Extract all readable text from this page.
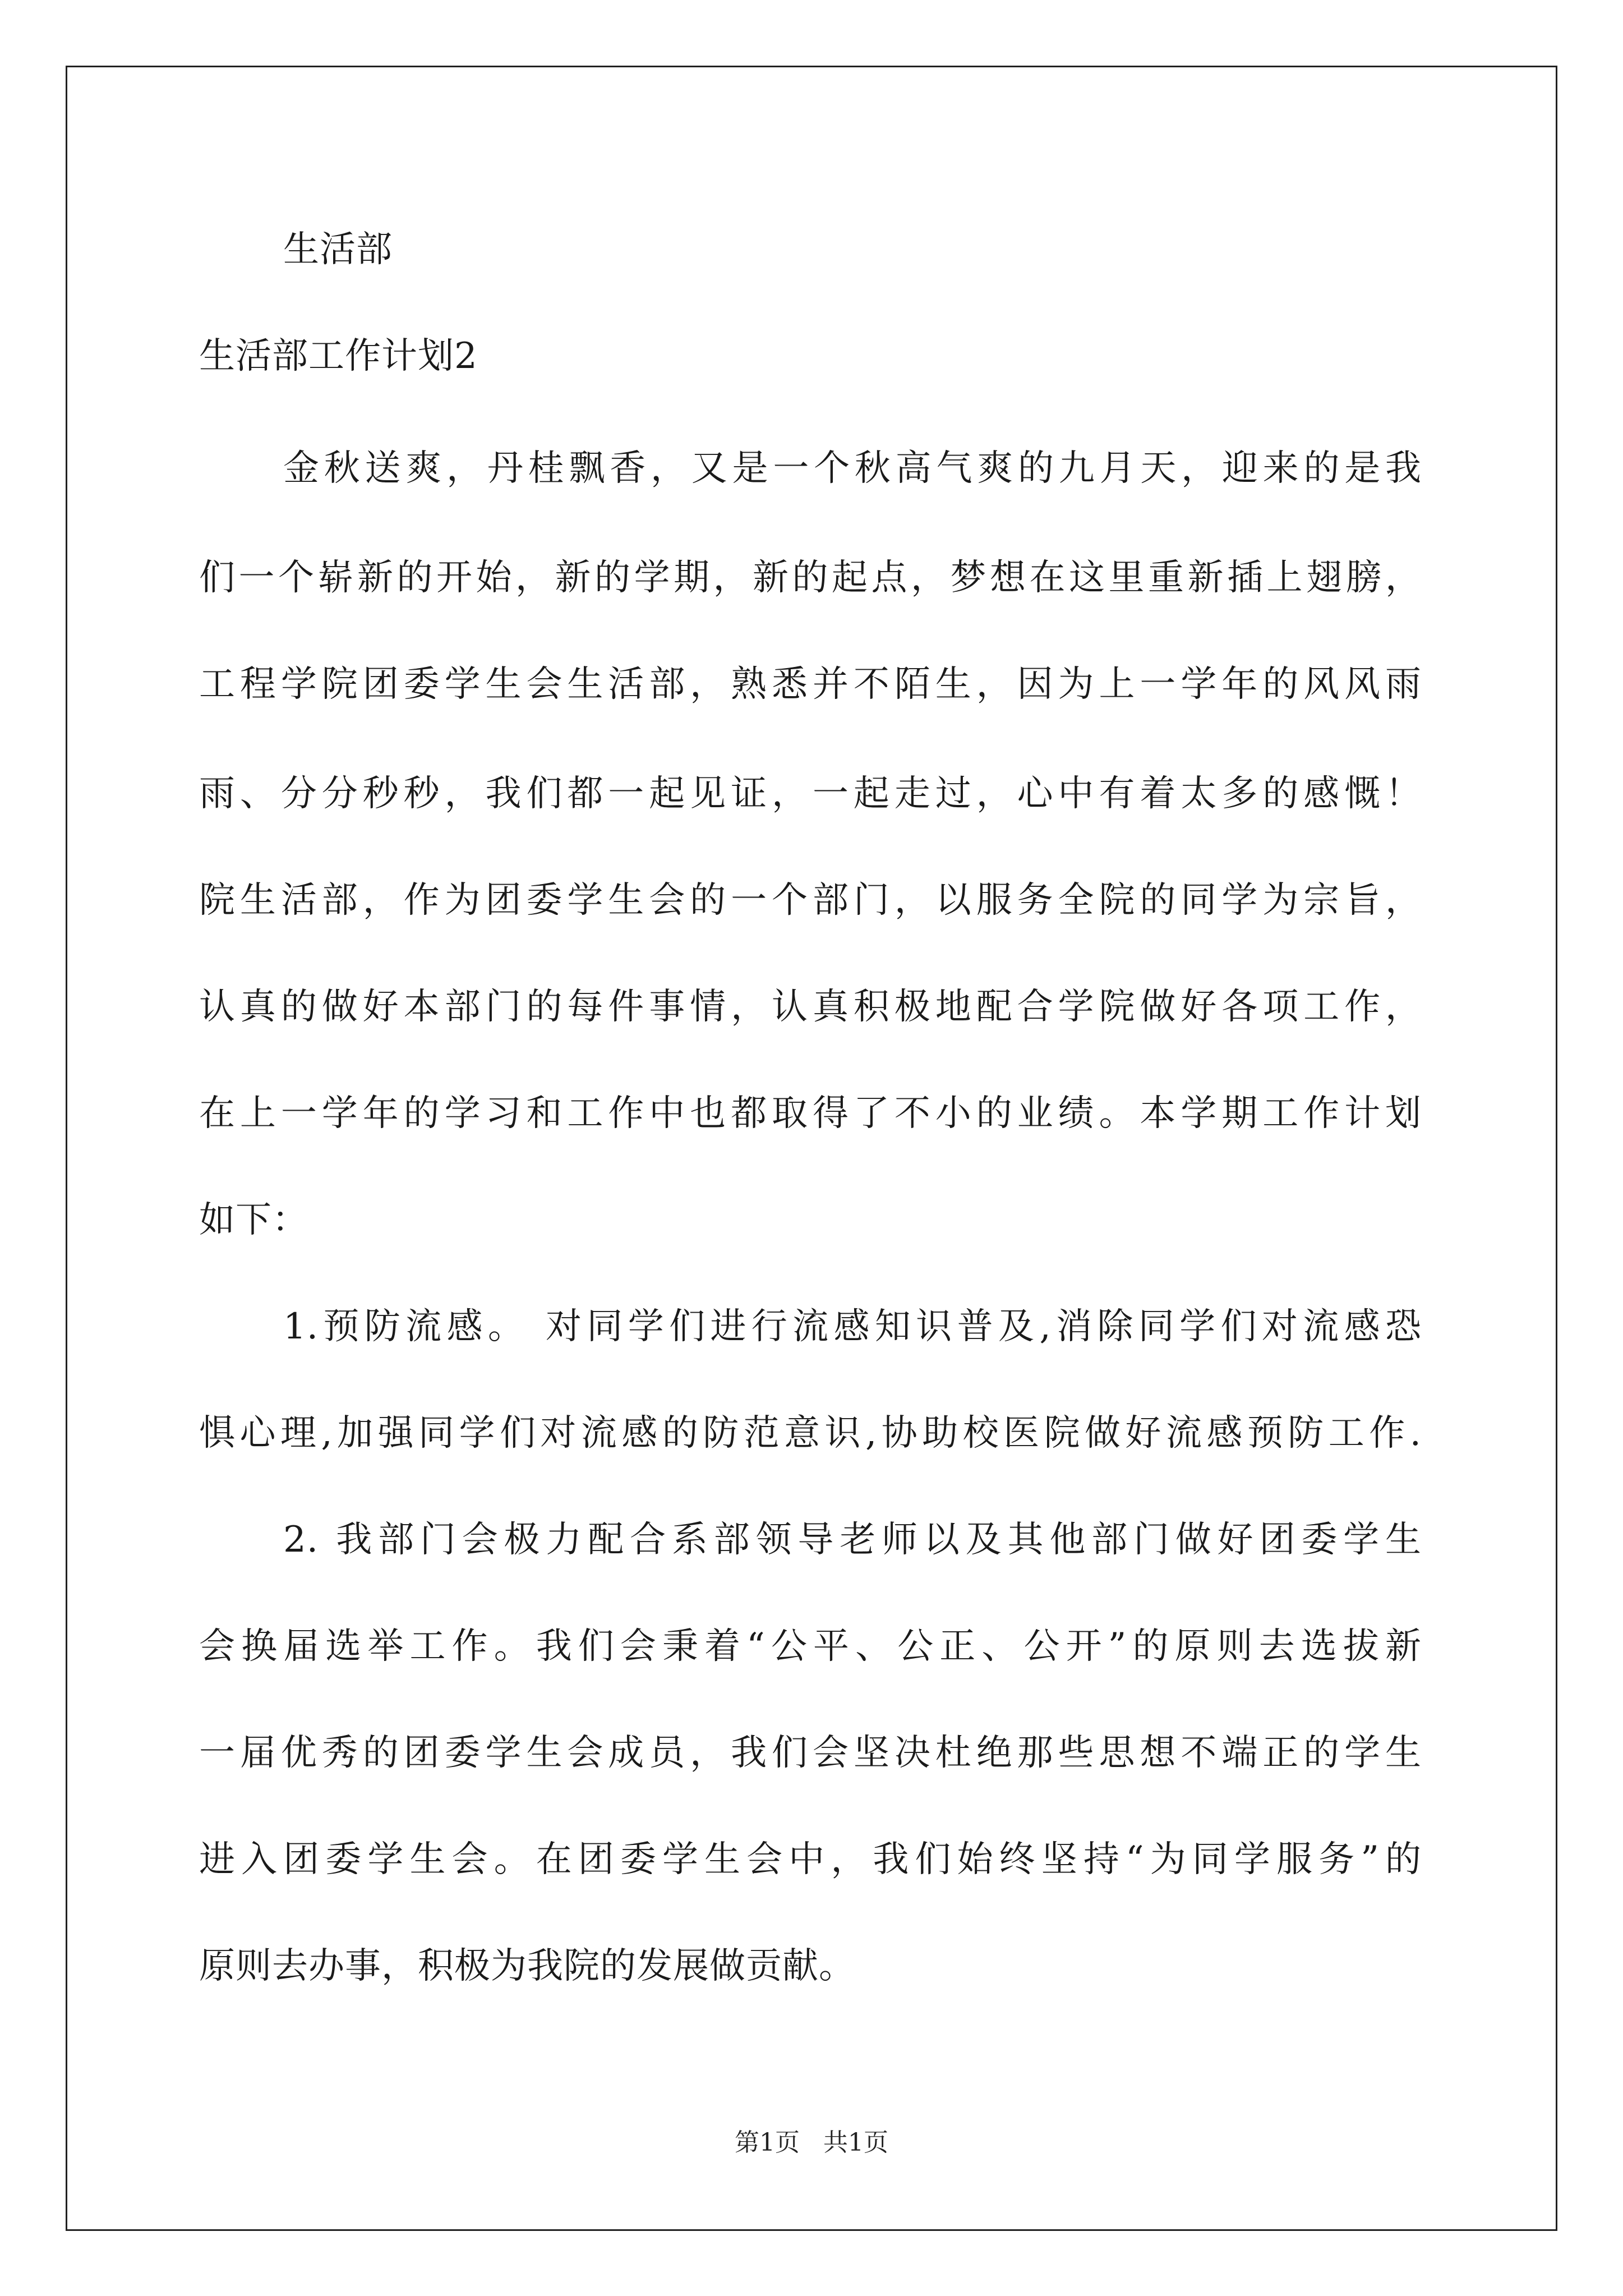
生活部
生活部工作计划2
金秋送爽，丹桂飘香，又是一个秋高气爽的九月天，迎来的是我
们一个崭新的开始，新的学期，新的起点，梦想在这里重新插上翅膀，
工程学院团委学生会生活部，熟悉并不陌生，因为上一学年的风风雨
雨、分分秒秒，我们都一起见证，一起走过，心中有着太多的感慨！
院生活部，作为团委学生会的一个部门，以服务全院的同学为宗旨，
认真的做好本部门的每件事情，认真积极地配合学院做好各项工作，
在上一学年的学习和工作中也都取得了不小的业绩。本学期工作计划
如下：
1.预防流感。 对同学们进行流感知识普及,消除同学们对流感恐
惧心理,加强同学们对流感的防范意识,协助校医院做好流感预防工作.
2. 我部门会极力配合系部领导老师以及其他部门做好团委学生
会换届选举工作。我们会秉着“公平、公正、公开”的原则去选拔新
一届优秀的团委学生会成员，我们会坚决杜绝那些思想不端正的学生
进入团委学生会。在团委学生会中，我们始终坚持“为同学服务”的
原则去办事，积极为我院的发展做贡献。
第1页   共1页
